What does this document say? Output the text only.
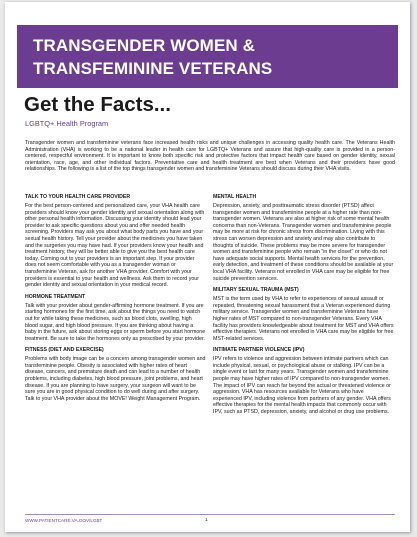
TRANSGENDER WOMEN &
TRANSFEMININE VETERANS
Get the Facts...

LGBTQ+ Health Program

Transgender women and transfeminine veterans face increased health risks and unique challenges in accessing quality health care. The Veterans Health Administration (VHA) is working to be a national leader in health care for LGBTQ+ Veterans and assure that high-quality care is provided in a person-centered, respectful environment. It is important to know both specific risk and protective factors that impact health care based on gender identity, sexual orientation, race, age, and other individual factors. Preventative care and health treatment are best when Veterans and their providers have good relationships. The following is a list of the top things transgender women and transfeminine Veterans should discuss during their VHA visits.

TALK TO YOUR HEALTH CARE PROVIDER

For the best person-centered and personalized care, your VHA health care providers should know your gender identity and sexual orientation along with other personal health information. Discussing your identity should lead your provider to ask specific questions about you and offer needed health screening. Providers may ask you about what body parts you have and your sexual health history. Tell your provider about the medicines you have taken and the surgeries you may have had. If your providers know your health and treatment history, they will be better able to give you the best health care today. Coming out to your providers is an important step. If your provider does not seem comfortable with you as a transgender woman or transfeminine Veteran, ask for another VHA provider. Comfort with your providers is essential to your health and wellness. Ask them to record your gender identity and sexual orientation in your medical record.

HORMONE TREATMENT

Talk with your provider about gender-affirming hormone treatment. If you are starting hormones for the first time, ask about the things you need to watch out for while taking these medicines, such as blood clots, swelling, high blood sugar, and high blood pressure. If you are thinking about having a baby in the future, ask about storing eggs or sperm before you start hormone treatment. Be sure to take the hormones only as prescribed by your provider.

FITNESS (DIET AND EXERCISE)

Problems with body image can be a concern among transgender women and transfeminine people. Obesity is associated with higher rates of heart disease, cancers, and premature death and can lead to a number of health problems, including diabetes, high blood pressure, joint problems, and heart disease. If you are planning to have surgery, your surgeon will want to be sure you are in good physical condition to do well during and after surgery. Talk to your VHA provider about the MOVE! Weight Management Program.

MENTAL HEALTH

Depression, anxiety, and posttraumatic stress disorder (PTSD) affect transgender women and transfeminine people at a higher rate than non-transgender women. Veterans are also at higher risk of some mental health concerns than non-Veterans. Transgender women and transfeminine people may be more at risk for chronic stress from discrimination. Living with this stress can worsen depression and anxiety and may also contribute to thoughts of suicide. These problems may be more severe for transgender women and transfeminine people who remain "in the closet" or who do not have adequate social supports. Mental health services for the prevention, early detection, and treatment of these conditions should be available at your local VHA facility. Veterans not enrolled in VHA care may be eligible for free suicide prevention services.

MILITARY SEXUAL TRAUMA (MST)

MST is the term used by VHA to refer to experiences of sexual assault or repeated, threatening sexual harassment that a Veteran experienced during military service. Transgender women and transfeminine Veterans have higher rates of MST compared to non-transgender Veterans. Every VHA facility has providers knowledgeable about treatment for MST and VHA offers effective therapies. Veterans not enrolled in VHA care may be eligible for free MST-related services.

INTIMATE PARTNER VIOLENCE (IPV)

IPV refers to violence and aggression between intimate partners which can include physical, sexual, or psychological abuse or stalking. IPV can be a single event or last for many years. Transgender women and transfeminine people may have higher rates of IPV compared to non-transgender women. The impact of IPV can reach far beyond the actual or threatened violence or aggression. VHA has resources available for Veterans who have experienced IPV, including violence from partners of any gender. VHA offers effective therapies for the mental health impacts that commonly occur with IPV, such as PTSD, depression, anxiety, and alcohol or drug use problems.

WWW.PATIENTCARE.VA.GOV/LGBT	1
